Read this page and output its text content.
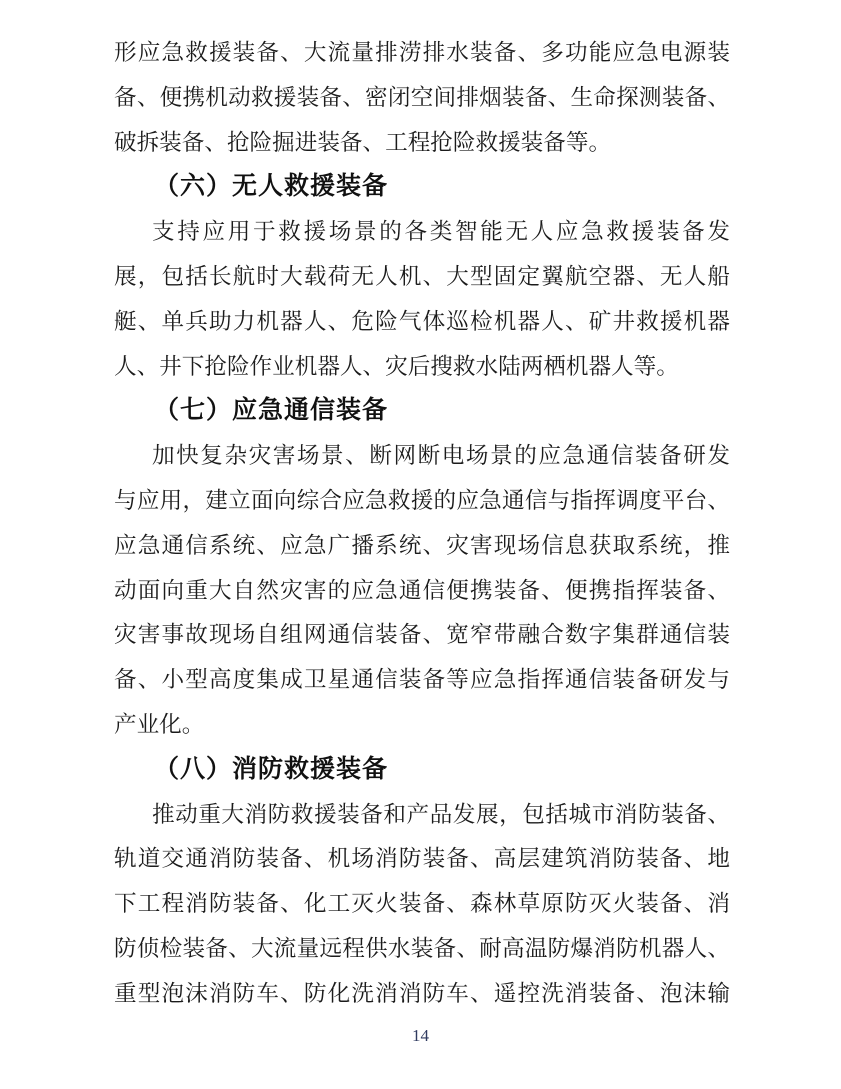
形应急救援装备、大流量排涝排水装备、多功能应急电源装
备、便携机动救援装备、密闭空间排烟装备、生命探测装备、
破拆装备、抢险掘进装备、工程抢险救援装备等。
（六）无人救援装备
支持应用于救援场景的各类智能无人应急救援装备发
展，包括长航时大载荷无人机、大型固定翼航空器、无人船
艇、单兵助力机器人、危险气体巡检机器人、矿井救援机器
人、井下抢险作业机器人、灾后搜救水陆两栖机器人等。
（七）应急通信装备
加快复杂灾害场景、断网断电场景的应急通信装备研发
与应用，建立面向综合应急救援的应急通信与指挥调度平台、
应急通信系统、应急广播系统、灾害现场信息获取系统，推
动面向重大自然灾害的应急通信便携装备、便携指挥装备、
灾害事故现场自组网通信装备、宽窄带融合数字集群通信装
备、小型高度集成卫星通信装备等应急指挥通信装备研发与
产业化。
（八）消防救援装备
推动重大消防救援装备和产品发展，包括城市消防装备、
轨道交通消防装备、机场消防装备、高层建筑消防装备、地
下工程消防装备、化工灭火装备、森林草原防灭火装备、消
防侦检装备、大流量远程供水装备、耐高温防爆消防机器人、
重型泡沫消防车、防化洗消消防车、遥控洗消装备、泡沫输
14
